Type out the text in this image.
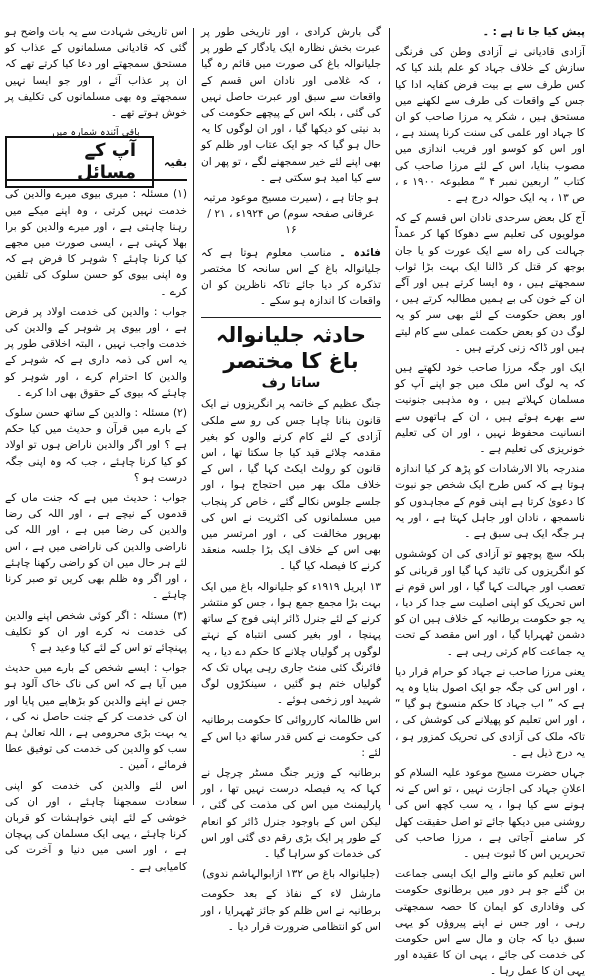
پیش کیا جا تا ہے : ۔

آزادی قادیانی نے آزادی وطن کی فرنگی سازش کے خلاف جہاد کو علم بلند کیا کہ کس طرف سے بے بیت فرض کفایہ ادا کیا جس کے واقعات کی طرف سے لکھنے میں مستحق ہیں ، شکر یہ مرزا صاحب کو ان کا جہاد اور علمی کی سنت کرنا پسند ہے ، اور اس کو کوسو اور فریب اندازی میں مصوب بنایا، اس کے لئے مرزا صاحب کی کتاب ” اربعین نمبر ۴ “ مطبوعہ ۱۹۰۰ ء ، ص ۱۳ ، یہ ایک حوالہ درج ہے ۔

آج کل بعض سرحدی نادان اس قسم کے کہ مولویوں کی تعلیم سے دھوکا کھا کر عمداً جہالت کی راہ سے ایک عورت کو یا جان بوجھ کر قتل کر ڈالنا ایک بہت بڑا ثواب سمجھتے ہیں ، وہ ایسا کرتے ہیں اور آگے ان کے خون کی بے ہمیں مطالبہ کرتے ہیں ، اور بعض حکومت کے لئے بھی سر کو یہ لوگ دن کو بعض حکمت عملی سے کام لیتے ہیں اور ڈاکہ زنی کرتے ہیں ۔

ایک اور جگہ مرزا صاحب خود لکھتے ہیں کہ یہ لوگ اس ملک میں جو اپنے آپ کو مسلمان کہلاتے ہیں ، وہ مذہبی جنونیت سے بھرے ہوئے ہیں ، ان کے ہاتھوں سے انسانیت محفوظ نہیں ، اور ان کی تعلیم خونریزی کی تعلیم ہے ۔

مندرجہ بالا الارشادات کو پڑھ کر کیا اندازہ ہوتا ہے کہ کس طرح ایک شخص جو نبوت کا دعویٰ کرتا ہے اپنی قوم کے مجاہدوں کو ناسمجھ ، نادان اور جاہل کہتا ہے ، اور یہ ہر جگہ ایک ہی سبق ہے ۔

بلکہ سچ پوچھو تو آزادی کی ان کوششوں کو انگریزوں کی تائید کہا گیا اور قربانی کو تعصب اور جہالت کہا گیا ، اور اس قوم نے اس تحریک کو اپنی اصلیت سے جدا کر دیا ، یہ جو حکومت برطانیہ کے خلاف ہیں ان کو دشمن ٹھہرایا گیا ، اور اس مقصد کے تحت یہ جماعت کام کرتی رہی ہے ۔

یعنی مرزا صاحب نے جہاد کو حرام قرار دیا ، اور اس کی جگہ جو ایک اصول بنایا وہ یہ ہے کہ ” اب جہاد کا حکم منسوخ ہو گیا “ ، اور اس تعلیم کو پھیلانے کی کوشش کی ، تاکہ ملک کی آزادی کی تحریک کمزور ہو ، یہ درج ذیل ہے ۔

جہاں حضرت مسیح موعود علیہ السلام کو اعلانِ جہاد کی اجازت نہیں ، تو اس کے نہ ہونے سے کیا ہوا ، یہ سب کچھ اس کی روشنی میں دیکھا جائے تو اصل حقیقت کھل کر سامنے آجاتی ہے ، مرزا صاحب کی تحریریں اس کا ثبوت ہیں ۔

اس تعلیم کو ماننے والے ایک ایسی جماعت بن گئے جو ہر دور میں برطانوی حکومت کی وفاداری کو ایمان کا حصہ سمجھتی رہی ، اور جس نے اپنے پیروؤں کو یہی سبق دیا کہ جان و مال سے اس حکومت کی خدمت کی جائے ، یہی ان کا عقیدہ اور یہی ان کا عمل رہا ۔

گی بارش کرادی ، اور تاریخی طور پر عبرت بخش نظارہ ایک یادگار کے طور پر جلیانوالہ باغ کی صورت میں قائم رہ گیا ، کہ غلامی اور نادان اس قسم کے واقعات سے سبق اور عبرت حاصل نہیں کی گئی ، بلکہ اس کے پیچھے حکومت کی بد نیتی کو دیکھا گیا ، اور ان لوگوں کا یہ حال ہو گیا کہ جو ایک عتاب اور ظلم کو بھی اپنے لئے خیر سمجھنے لگے ، تو پھر ان سے کیا امید ہو سکتی ہے ۔

ہو جاتا ہے ، (سیرت مسیح موعود مرتبہ عرفانی صفحہ سوم) ص ۱۹۲۴ء ، ۲۱ / ۱۶

فائدہ ۔ مناسب معلوم ہوتا ہے کہ جلیانوالہ باغ کے اس سانحہ کا مختصر تذکرہ کر دیا جائے تاکہ ناظرین کو ان واقعات کا اندازہ ہو سکے ۔

حادثہ جلیانوالہ باغ کا مختصر
ساتا رف

جنگ عظیم کے خاتمہ پر انگریزوں نے ایک قانون بنانا چاہا جس کی رو سے ملکی آزادی کے لئے کام کرنے والوں کو بغیر مقدمہ چلائے قید کیا جا سکتا تھا ، اس قانون کو رولٹ ایکٹ کہا گیا ، اس کے خلاف ملک بھر میں احتجاج ہوا ، اور جلسے جلوس نکالے گئے ، خاص کر پنجاب میں مسلمانوں کی اکثریت نے اس کی بھرپور مخالفت کی ، اور امرتسر میں بھی اس کے خلاف ایک بڑا جلسہ منعقد کرنے کا فیصلہ کیا گیا ۔

۱۳ اپریل ۱۹۱۹ء کو جلیانوالہ باغ میں ایک بہت بڑا مجمع جمع ہوا ، جس کو منتشر کرنے کے لئے جنرل ڈائر اپنی فوج کے ساتھ پہنچا ، اور بغیر کسی انتباہ کے نہتے لوگوں پر گولیاں چلانے کا حکم دے دیا ، یہ فائرنگ کئی منٹ جاری رہی یہاں تک کہ گولیاں ختم ہو گئیں ، سینکڑوں لوگ شہید اور زخمی ہوئے ۔

اس ظالمانہ کارروائی کا حکومت برطانیہ کی حکومت نے کس قدر ساتھ دیا اس کے لئے :

برطانیہ کے وزیر جنگ مسٹر چرچل نے کہا کہ یہ فیصلہ درست نہیں تھا ، اور پارلیمنٹ میں اس کی مذمت کی گئی ، لیکن اس کے باوجود جنرل ڈائر کو انعام کے طور پر ایک بڑی رقم دی گئی اور اس کی خدمات کو سراہا گیا ۔

(جلیانوالہ باغ ص ۱۳۲ ازابوالہاشم ندوی)

مارشل لاء کے نفاذ کے بعد حکومت برطانیہ نے اس ظلم کو جائز ٹھہرایا ، اور اس کو انتظامی ضرورت قرار دیا ۔

اس تاریخی شہادت سے یہ بات واضح ہو گئی کہ قادیانی مسلمانوں کے عذاب کو مستحق سمجھتے اور دعا کیا کرتے تھے کہ ان پر عذاب آئے ، اور جو ایسا نہیں سمجھتے وہ بھی مسلمانوں کی تکلیف پر خوش ہوتے تھے ۔

باقی آئندہ شمارہ میں

بقیہ
آپ کے مسائل

(۱) مسئلہ : میری بیوی میرے والدین کی خدمت نہیں کرتی ، وہ اپنے میکے میں رہنا چاہتی ہے ، اور میرے والدین کو برا بھلا کہتی ہے ، ایسی صورت میں مجھے کیا کرنا چاہئے ؟ شوہر کا فرض ہے کہ وہ اپنی بیوی کو حسن سلوک کی تلقین کرے ۔

جواب : والدین کی خدمت اولاد پر فرض ہے ، اور بیوی پر شوہر کے والدین کی خدمت واجب نہیں ، البتہ اخلاقی طور پر یہ اس کی ذمہ داری ہے کہ شوہر کے والدین کا احترام کرے ، اور شوہر کو چاہئے کہ بیوی کے حقوق بھی ادا کرے ۔

(۲) مسئلہ : والدین کے ساتھ حسن سلوک کے بارے میں قرآن و حدیث میں کیا حکم ہے ؟ اور اگر والدین ناراض ہوں تو اولاد کو کیا کرنا چاہئے ، جب کہ وہ اپنی جگہ درست ہو ؟

جواب : حدیث میں ہے کہ جنت ماں کے قدموں کے نیچے ہے ، اور اللہ کی رضا والدین کی رضا میں ہے ، اور اللہ کی ناراضی والدین کی ناراضی میں ہے ، اس لئے ہر حال میں ان کو راضی رکھنا چاہئے ، اور اگر وہ ظلم بھی کریں تو صبر کرنا چاہئے ۔

(۳) مسئلہ : اگر کوئی شخص اپنے والدین کی خدمت نہ کرے اور ان کو تکلیف پہنچائے تو اس کے لئے کیا وعید ہے ؟

جواب : ایسے شخص کے بارے میں حدیث میں آیا ہے کہ اس کی ناک خاک آلود ہو جس نے اپنے والدین کو بڑھاپے میں پایا اور ان کی خدمت کر کے جنت حاصل نہ کی ، یہ بہت بڑی محرومی ہے ، اللہ تعالیٰ ہم سب کو والدین کی خدمت کی توفیق عطا فرمائے ، آمین ۔

اس لئے والدین کی خدمت کو اپنی سعادت سمجھنا چاہئے ، اور ان کی خوشی کے لئے اپنی خواہشات کو قربان کرنا چاہئے ، یہی ایک مسلمان کی پہچان ہے ، اور اسی میں دنیا و آخرت کی کامیابی ہے ۔
